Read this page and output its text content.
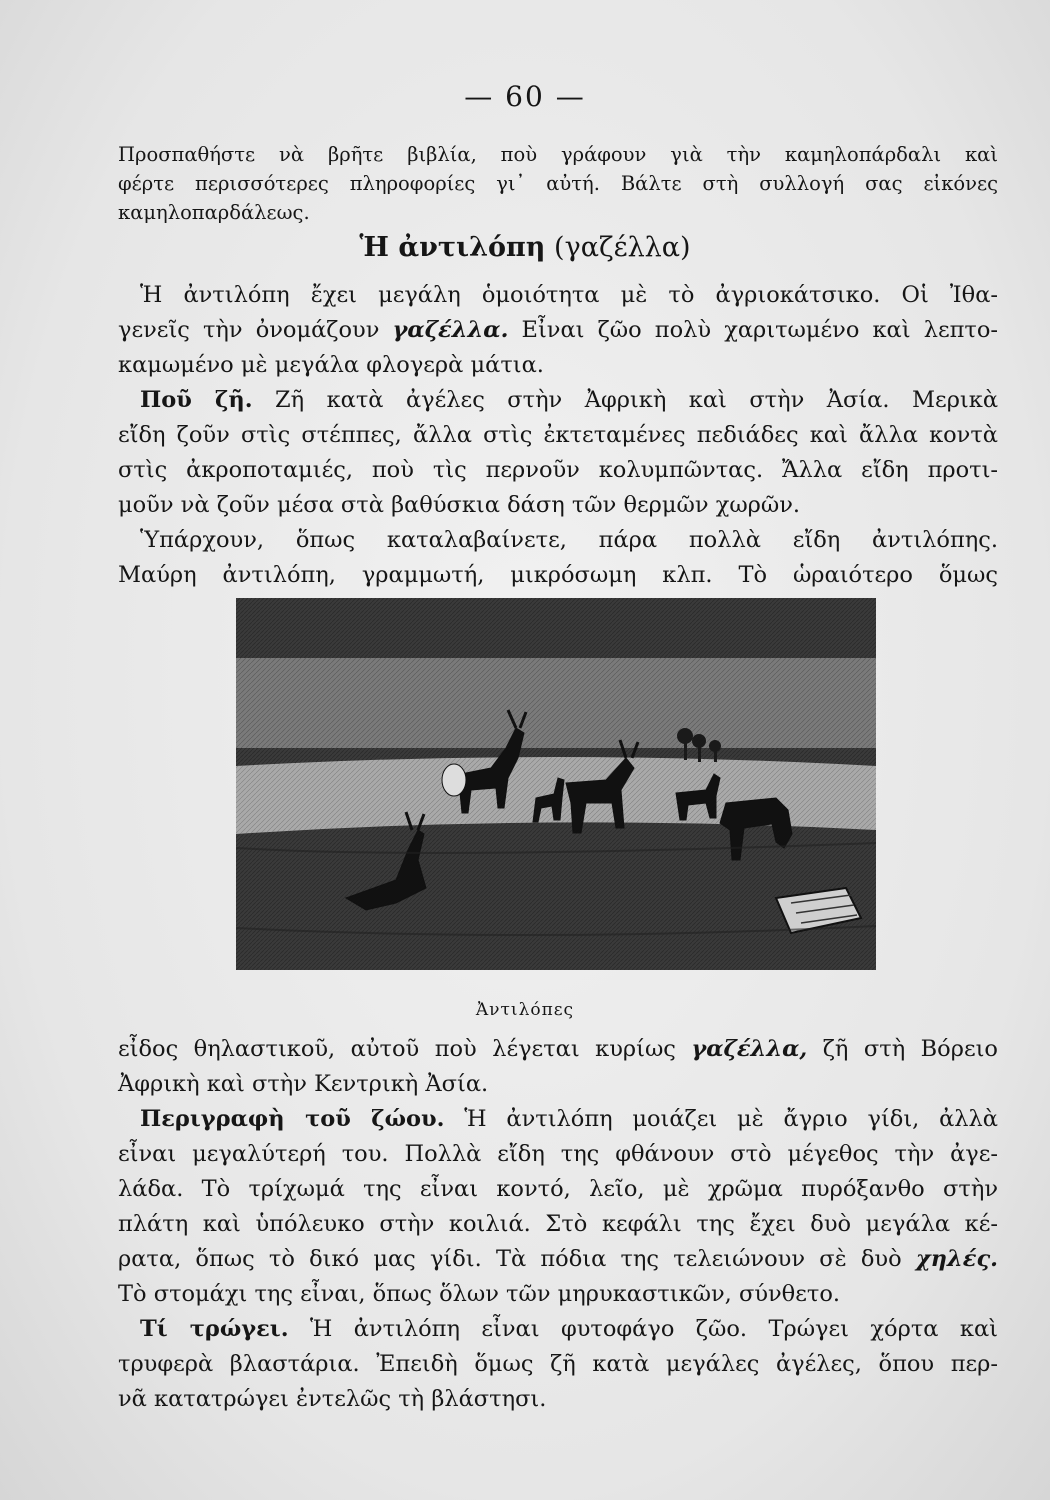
— 60 —

Προσπαθήστε νὰ βρῆτε βιβλία, ποὺ γράφουν γιὰ τὴν καμηλοπάρδαλι καὶ

φέρτε περισσότερες πληροφορίες γι᾿ αὐτή. Βάλτε στὴ συλλογή σας εἰκόνες

καμηλοπαρδάλεως.

Ἡ ἀντιλόπη (γαζέλλα)

Ἡ ἀντιλόπη ἔχει μεγάλη ὁμοιότητα μὲ τὸ ἀγριοκάτσικο. Οἱ Ἰθα-

γενεῖς τὴν ὀνομάζουν γαζέλλα. Εἶναι ζῶο πολὺ χαριτωμένο καὶ λεπτο-

καμωμένο μὲ μεγάλα φλογερὰ μάτια.

Ποῦ ζῆ. Ζῆ κατὰ ἀγέλες στὴν Ἀφρικὴ καὶ στὴν Ἀσία. Μερικὰ

εἴδη ζοῦν στὶς στέππες, ἄλλα στὶς ἐκτεταμένες πεδιάδες καὶ ἄλλα κοντὰ

στὶς ἀκροποταμιές, ποὺ τὶς περνοῦν κολυμπῶντας. Ἄλλα εἴδη προτι-

μοῦν νὰ ζοῦν μέσα στὰ βαθύσκια δάση τῶν θερμῶν χωρῶν.

Ὑπάρχουν, ὅπως καταλαβαίνετε, πάρα πολλὰ εἴδη ἀντιλόπης.

Μαύρη ἀντιλόπη, γραμμωτή, μικρόσωμη κλπ. Τὸ ὡραιότερο ὅμως

Ἀντιλόπες

εἶδος θηλαστικοῦ, αὐτοῦ ποὺ λέγεται κυρίως γαζέλλα, ζῆ στὴ Βόρειο

Ἀφρικὴ καὶ στὴν Κεντρικὴ Ἀσία.

Περιγραφὴ τοῦ ζώου. Ἡ ἀντιλόπη μοιάζει μὲ ἄγριο γίδι, ἀλλὰ

εἶναι μεγαλύτερή του. Πολλὰ εἴδη της φθάνουν στὸ μέγεθος τὴν ἀγε-

λάδα. Τὸ τρίχωμά της εἶναι κοντό, λεῖο, μὲ χρῶμα πυρόξανθο στὴν

πλάτη καὶ ὑπόλευκο στὴν κοιλιά. Στὸ κεφάλι της ἔχει δυὸ μεγάλα κέ-

ρατα, ὅπως τὸ δικό μας γίδι. Τὰ πόδια της τελειώνουν σὲ δυὸ χηλές.

Τὸ στομάχι της εἶναι, ὅπως ὅλων τῶν μηρυκαστικῶν, σύνθετο.

Τί τρώγει. Ἡ ἀντιλόπη εἶναι φυτοφάγο ζῶο. Τρώγει χόρτα καὶ

τρυφερὰ βλαστάρια. Ἐπειδὴ ὅμως ζῆ κατὰ μεγάλες ἀγέλες, ὅπου περ-

νᾶ κατατρώγει ἐντελῶς τὴ βλάστησι.
